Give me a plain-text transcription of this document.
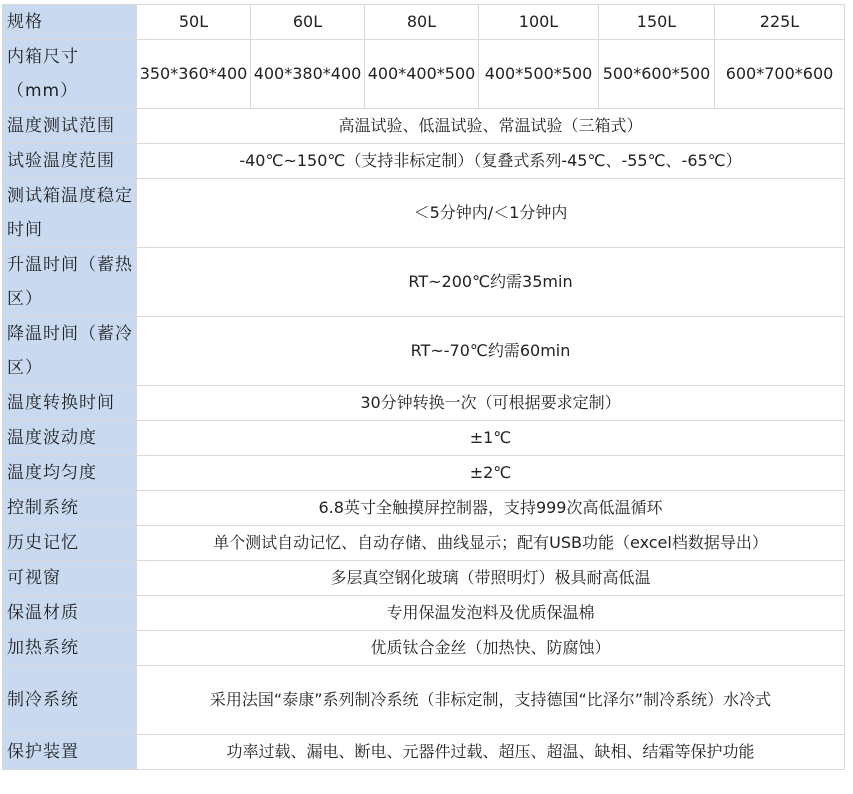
规格	50L	60L	80L	100L	150L	225L
内箱尺寸（mm）	350*360*400	400*380*400	400*400*500	400*500*500	500*600*500	600*700*600
温度测试范围	高温试验、低温试验、常温试验（三箱式）					
试验温度范围	-40℃~150℃（支持非标定制）（复叠式系列-45℃、-55℃、-65℃）					
测试箱温度稳定时间	＜5分钟内/＜1分钟内					
升温时间（蓄热区）	RT~200℃约需35min					
降温时间（蓄冷区）	RT~-70℃约需60min					
温度转换时间	30分钟转换一次（可根据要求定制）					
温度波动度	±1℃					
温度均匀度	±2℃					
控制系统	6.8英寸全触摸屏控制器，支持999次高低温循环					
历史记忆	单个测试自动记忆、自动存储、曲线显示；配有USB功能（excel档数据导出）					
可视窗	多层真空钢化玻璃（带照明灯）极具耐高低温					
保温材质	专用保温发泡料及优质保温棉					
加热系统	优质钛合金丝（加热快、防腐蚀）					
制冷系统	采用法国“泰康”系列制冷系统（非标定制，支持德国“比泽尔”制冷系统）水冷式					
保护装置	功率过载、漏电、断电、元器件过载、超压、超温、缺相、结霜等保护功能					
